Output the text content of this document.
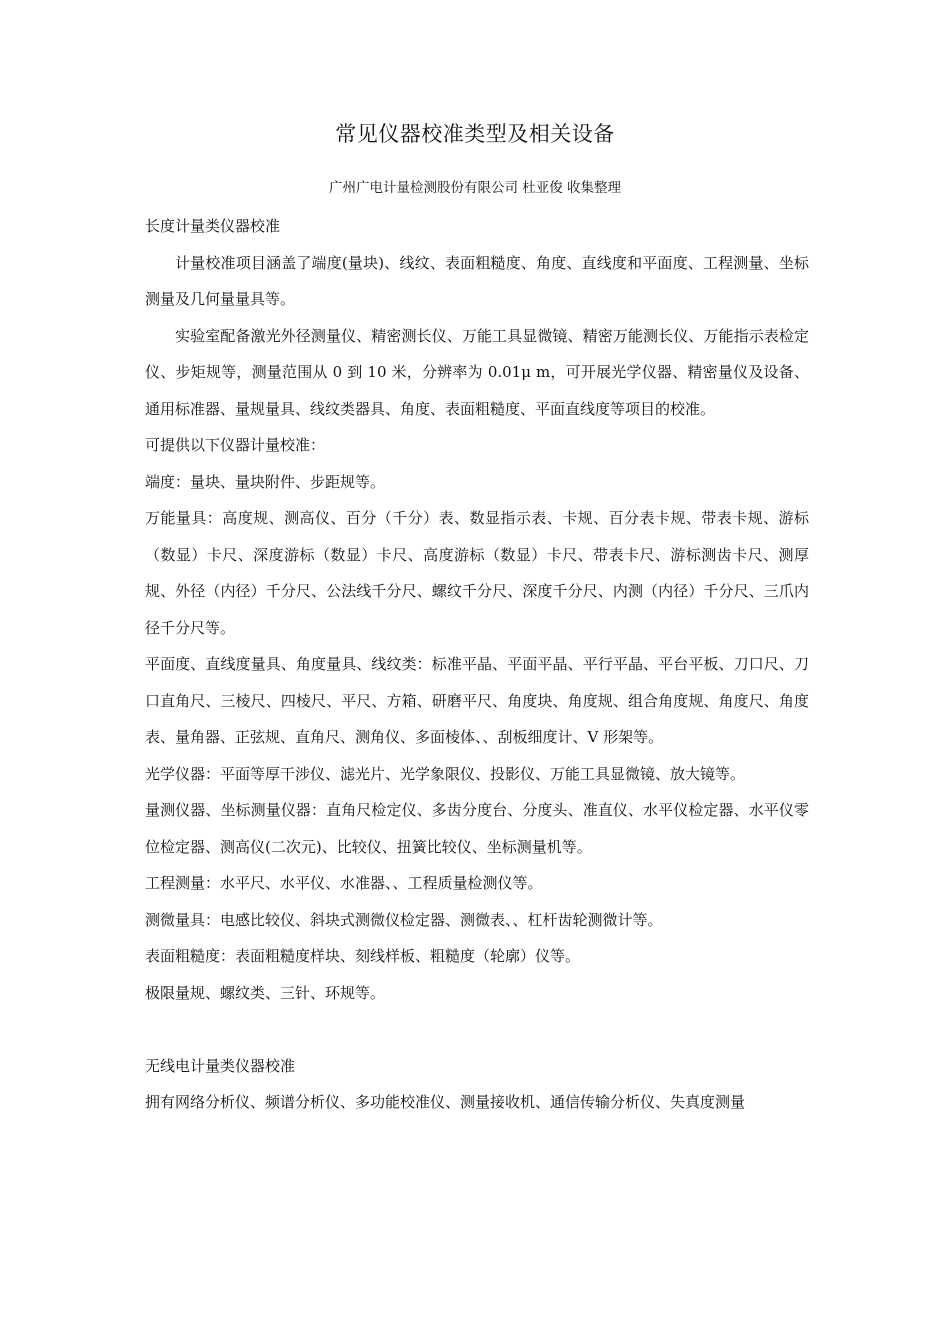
常见仪器校准类型及相关设备
广州广电计量检测股份有限公司 杜亚俊 收集整理

长度计量类仪器校准

计量校准项目涵盖了端度(量块)、线纹、表面粗糙度、角度、直线度和平面度、工程测量、坐标测量及几何量量具等。

实验室配备激光外径测量仪、精密测长仪、万能工具显微镜、精密万能测长仪、万能指示表检定仪、步矩规等，测量范围从 0 到 10 米，分辨率为 0.01μ m，可开展光学仪器、精密量仪及设备、通用标准器、量规量具、线纹类器具、角度、表面粗糙度、平面直线度等项目的校准。

可提供以下仪器计量校准：

端度：量块、量块附件、步距规等。

万能量具：高度规、测高仪、百分（千分）表、数显指示表、卡规、百分表卡规、带表卡规、游标（数显）卡尺、深度游标（数显）卡尺、高度游标（数显）卡尺、带表卡尺、游标测齿卡尺、测厚规、外径（内径）千分尺、公法线千分尺、螺纹千分尺、深度千分尺、内测（内径）千分尺、三爪内径千分尺等。

平面度、直线度量具、角度量具、线纹类：标准平晶、平面平晶、平行平晶、平台平板、刀口尺、刀口直角尺、三棱尺、四棱尺、平尺、方箱、研磨平尺、角度块、角度规、组合角度规、角度尺、角度表、量角器、正弦规、直角尺、测角仪、多面棱体、、刮板细度计、V 形架等。

光学仪器：平面等厚干涉仪、滤光片、光学象限仪、投影仪、万能工具显微镜、放大镜等。

量测仪器、坐标测量仪器：直角尺检定仪、多齿分度台、分度头、准直仪、水平仪检定器、水平仪零位检定器、测高仪(二次元)、比较仪、扭簧比较仪、坐标测量机等。

工程测量：水平尺、水平仪、水准器、、工程质量检测仪等。

测微量具：电感比较仪、斜块式测微仪检定器、测微表、、杠杆齿轮测微计等。

表面粗糙度：表面粗糙度样块、刻线样板、粗糙度（轮廓）仪等。

极限量规、螺纹类、三针、环规等。

无线电计量类仪器校准

拥有网络分析仪、频谱分析仪、多功能校准仪、测量接收机、通信传输分析仪、失真度测量
